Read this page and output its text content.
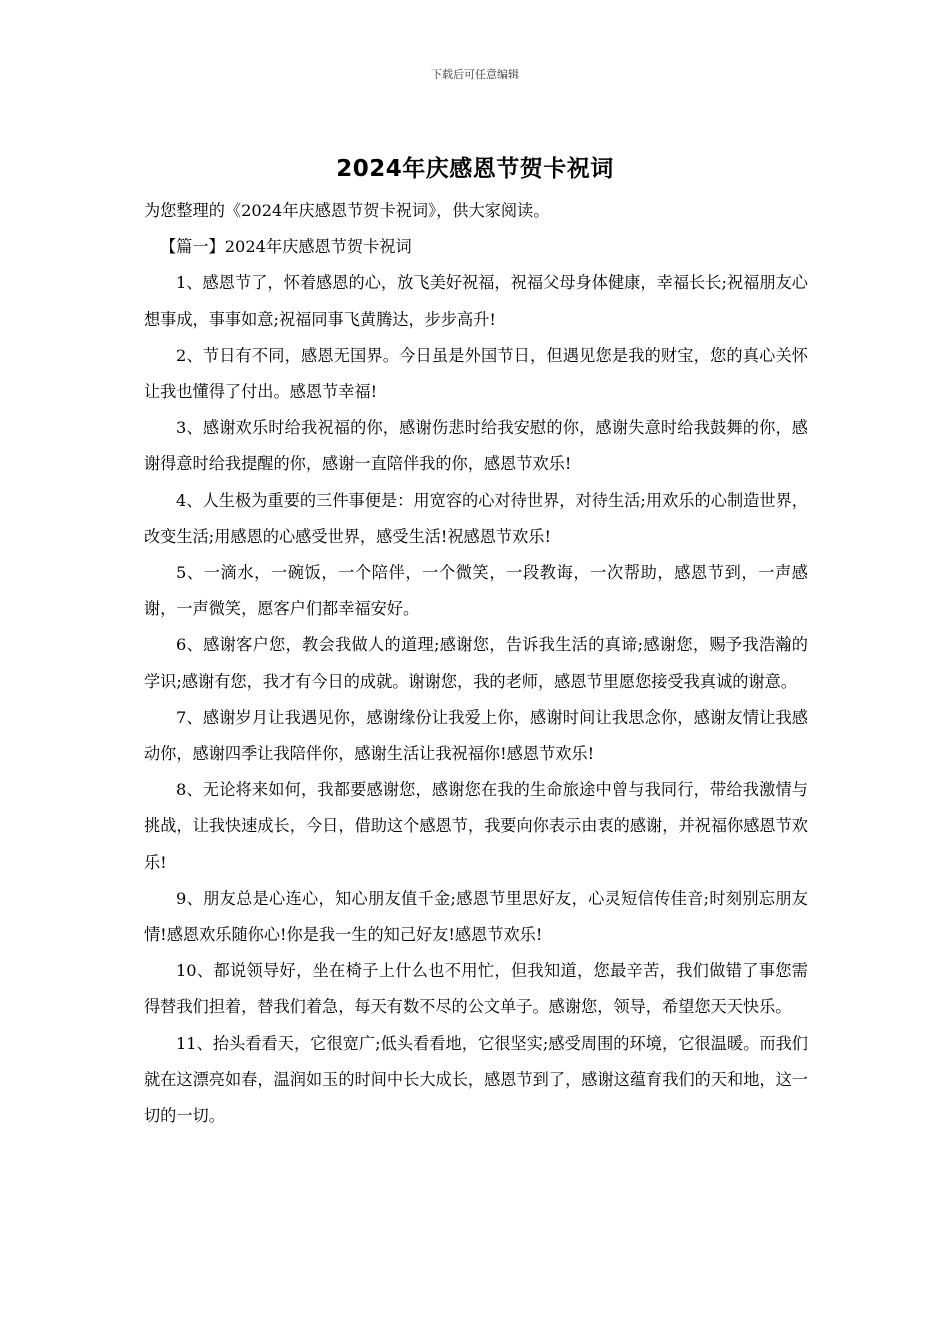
下载后可任意编辑
2024年庆感恩节贺卡祝词

为您整理的《2024年庆感恩节贺卡祝词》，供大家阅读。

【篇一】2024年庆感恩节贺卡祝词

1、感恩节了，怀着感恩的心，放飞美好祝福，祝福父母身体健康，幸福长长;祝福朋友心想事成，事事如意;祝福同事飞黄腾达，步步高升!

2、节日有不同，感恩无国界。今日虽是外国节日，但遇见您是我的财宝，您的真心关怀让我也懂得了付出。感恩节幸福!

3、感谢欢乐时给我祝福的你，感谢伤悲时给我安慰的你，感谢失意时给我鼓舞的你，感谢得意时给我提醒的你，感谢一直陪伴我的你，感恩节欢乐!

4、人生极为重要的三件事便是：用宽容的心对待世界，对待生活;用欢乐的心制造世界，改变生活;用感恩的心感受世界，感受生活!祝感恩节欢乐!

5、一滴水，一碗饭，一个陪伴，一个微笑，一段教诲，一次帮助，感恩节到，一声感谢，一声微笑，愿客户们都幸福安好。

6、感谢客户您，教会我做人的道理;感谢您，告诉我生活的真谛;感谢您，赐予我浩瀚的学识;感谢有您，我才有今日的成就。谢谢您，我的老师，感恩节里愿您接受我真诚的谢意。

7、感谢岁月让我遇见你，感谢缘份让我爱上你，感谢时间让我思念你，感谢友情让我感动你，感谢四季让我陪伴你，感谢生活让我祝福你!感恩节欢乐!

8、无论将来如何，我都要感谢您，感谢您在我的生命旅途中曾与我同行，带给我激情与挑战，让我快速成长，今日，借助这个感恩节，我要向你表示由衷的感谢，并祝福你感恩节欢乐!

9、朋友总是心连心，知心朋友值千金;感恩节里思好友，心灵短信传佳音;时刻别忘朋友情!感恩欢乐随你心!你是我一生的知己好友!感恩节欢乐!

10、都说领导好，坐在椅子上什么也不用忙，但我知道，您最辛苦，我们做错了事您需得替我们担着，替我们着急，每天有数不尽的公文单子。感谢您，领导，希望您天天快乐。

11、抬头看看天，它很宽广;低头看看地，它很坚实;感受周围的环境，它很温暖。而我们就在这漂亮如春，温润如玉的时间中长大成长，感恩节到了，感谢这蕴育我们的天和地，这一切的一切。
